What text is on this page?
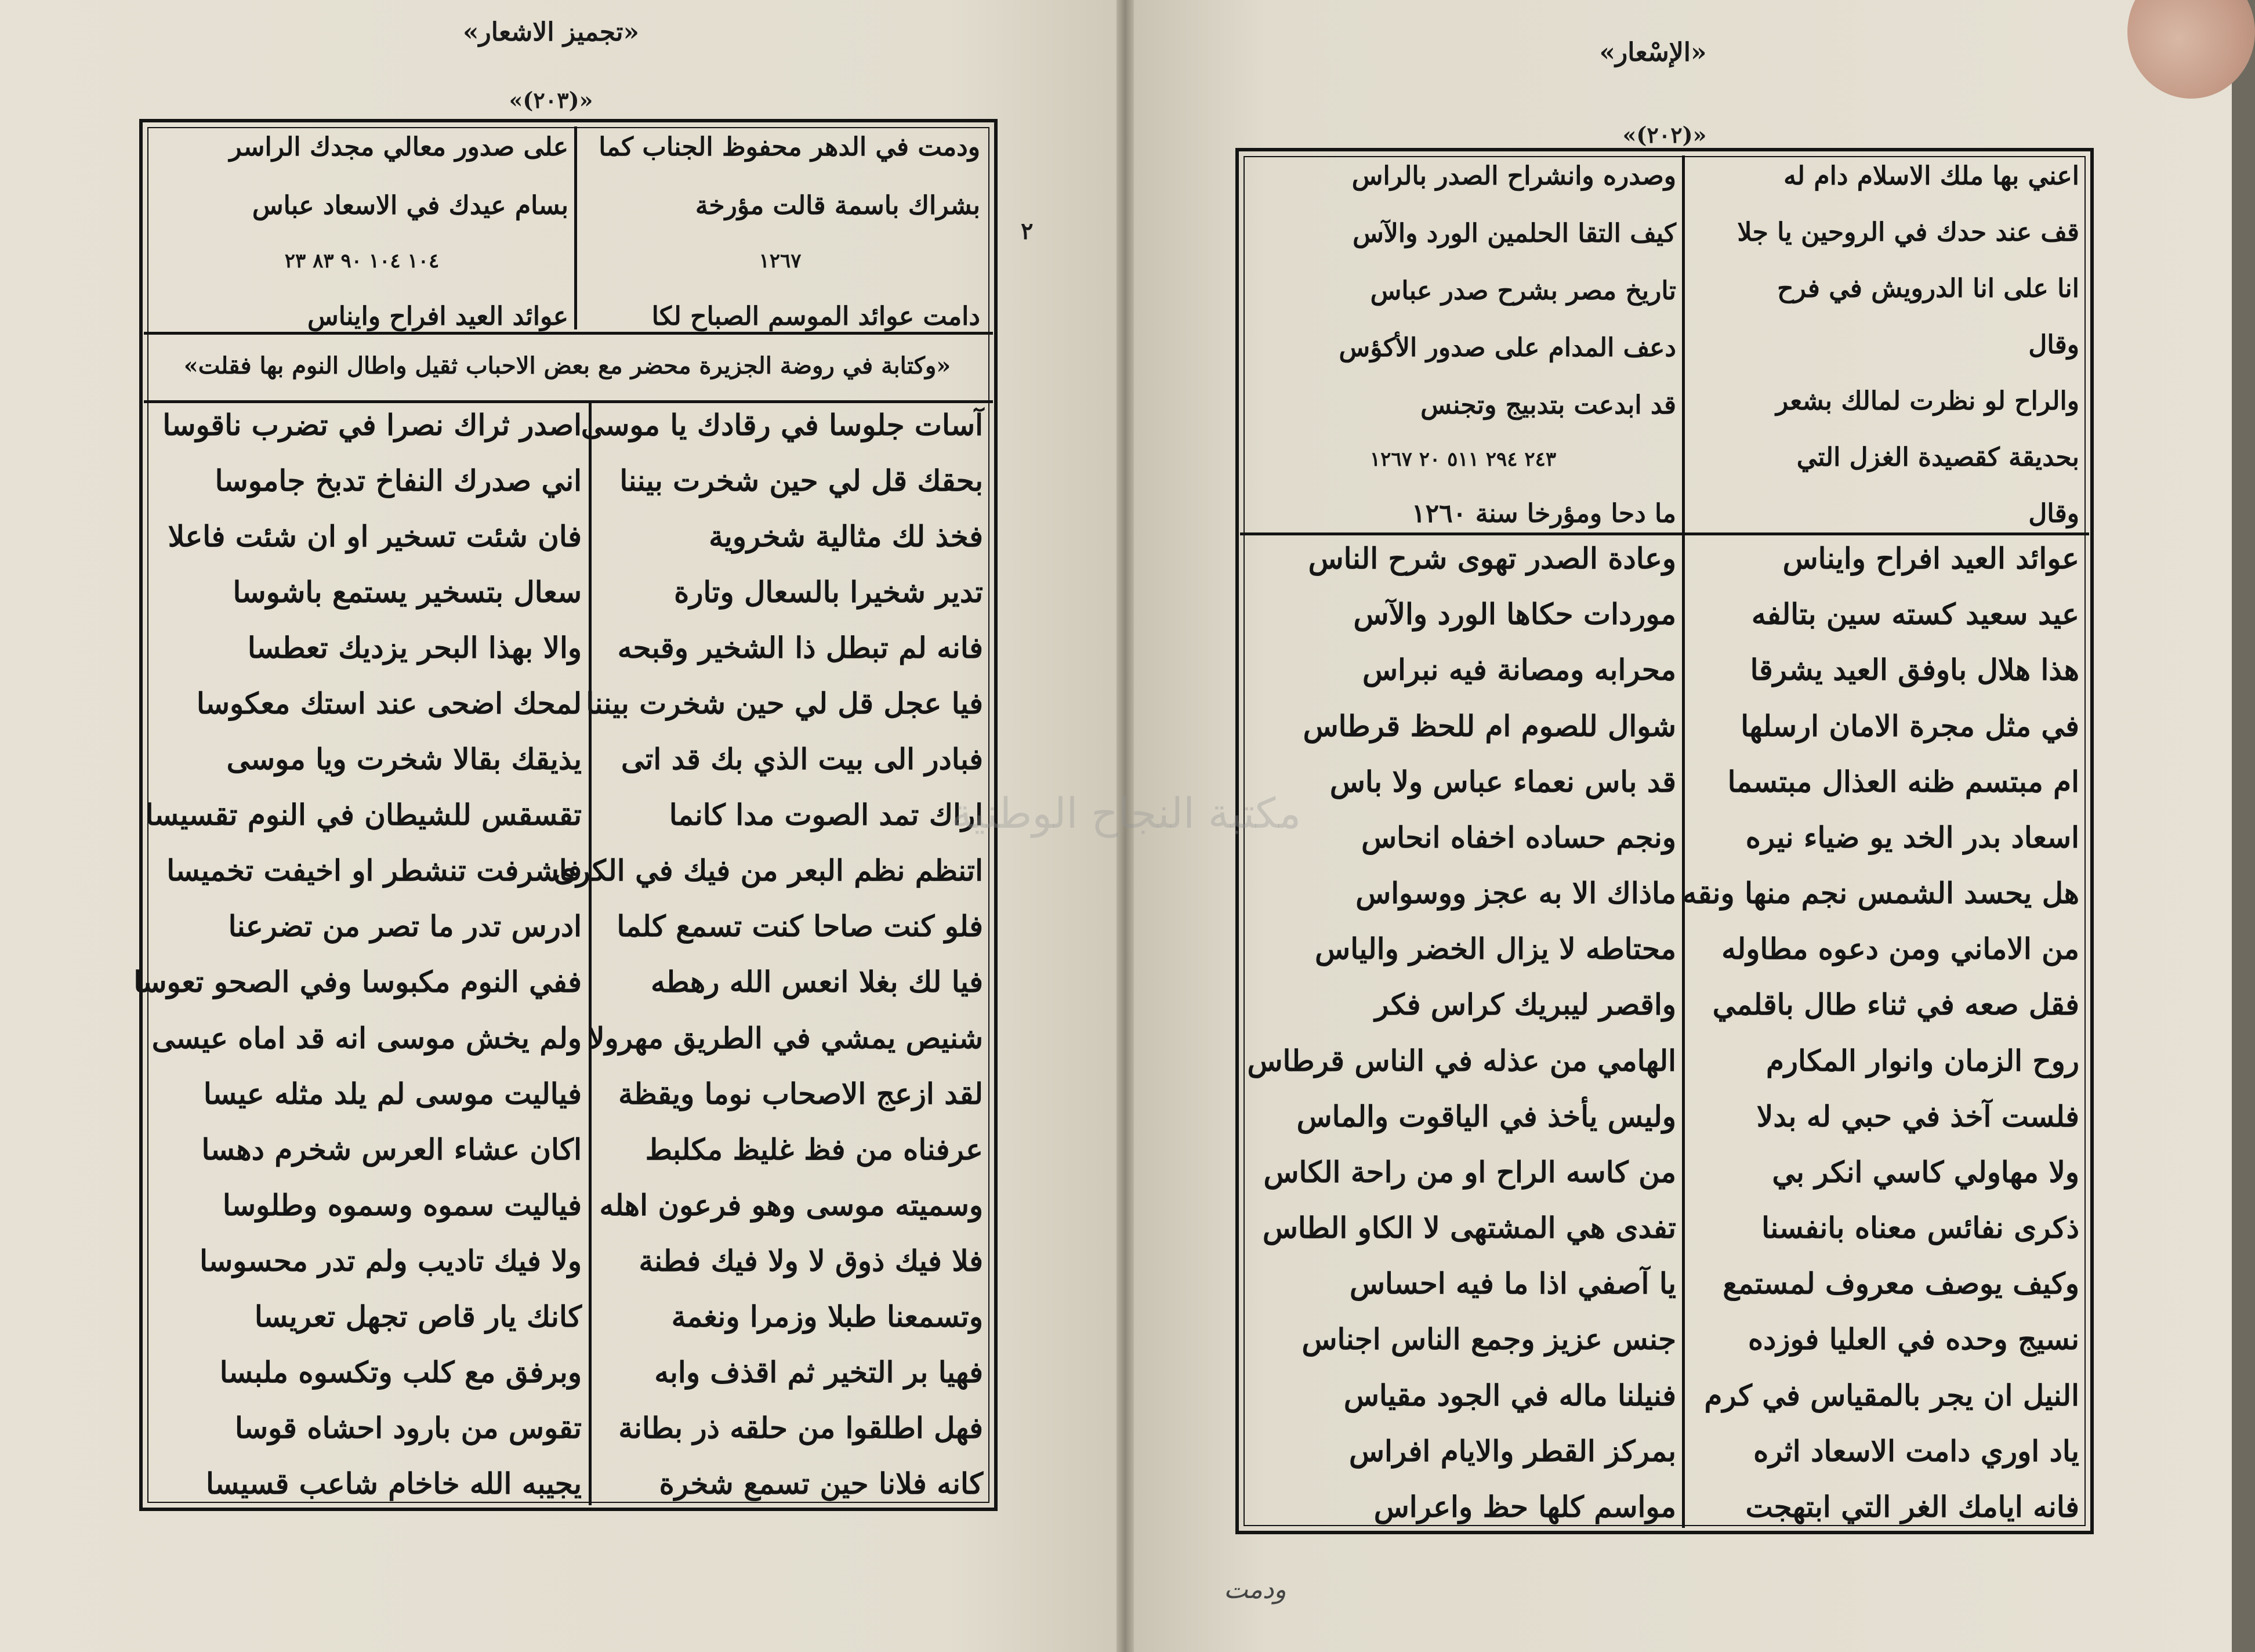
«تجميز الاشعار»
«(٢٠٣)»
٢
ودمت في الدهر محفوظ الجناب كما
بشراك باسمة قالت مؤرخة
١٢٦٧
دامت عوائد الموسم الصباح لكا
على صدور معالي مجدك الراسر
بسام عيدك في الاسعاد عباس
١٠٤ ١٠٤ ٩٠ ٨٣ ٢٣
عوائد العيد افراح وايناس
«وكتابة في روضة الجزيرة محضر مع بعض الاحباب ثقيل واطال النوم بها فقلت»
آسات جلوسا في رقادك يا موسى
بحقك قل لي حين شخرت بيننا
فخذ لك مثالية شخروية
تدير شخيرا بالسعال وتارة
فانه لم تبطل ذا الشخير وقبحه
فيا عجل قل لي حين شخرت بيننا
فبادر الى بيت الذي بك قد اتى
اراك تمد الصوت مدا كانما
اتنظم نظم البعر من فيك في الكرى
فلو كنت صاحا كنت تسمع كلما
فيا لك بغلا انعس الله رهطه
شنيص يمشي في الطريق مهرولا
لقد ازعج الاصحاب نوما ويقظة
عرفناه من فظ غليظ مكلبط
وسميته موسى وهو فرعون اهله
فلا فيك ذوق لا ولا فيك فطنة
وتسمعنا طبلا وزمرا ونغمة
فهيا بر التخير ثم اقذف وابه
فهل اطلقوا من حلقه ذر بطانة
كانه فلانا حين تسمع شخرة
اصدر ثراك نصرا في تضرب ناقوسا
اني صدرك النفاخ تدبخ جاموسا
فان شئت تسخير او ان شئت فاعلا
سعال بتسخير يستمع باشوسا
والا بهذا البحر يزديك تعطسا
لمحك اضحى عند استك معكوسا
يذيقك بقالا شخرت ويا موسى
تقسقس للشيطان في النوم تقسيسا
فاشرفت تنشطر او اخيفت تخميسا
ادرس تدر ما تصر من تضرعنا
ففي النوم مكبوسا وفي الصحو تعوسا
ولم يخش موسى انه قد اماه عيسى
فياليت موسى لم يلد مثله عيسا
اكان عشاء العرس شخرم دهسا
فياليت سموه وسموه وطلوسا
ولا فيك تاديب ولم تدر محسوسا
كانك يار قاص تجهل تعريسا
وبرفق مع كلب وتكسوه ملبسا
تقوس من بارود احشاه قوسا
يجيبه الله خاخام شاعب قسيسا
«الإسْعار»
«(٢٠٢)»
اعني بها ملك الاسلام دام له
قف عند حدك في الروحين يا جلا
انا على انا الدرويش في فرح
وقال
والراح لو نظرت لمالك بشعر
بحديقة كقصيدة الغزل التي
وقال
وصدره وانشراح الصدر بالراس
كيف التقا الحلمين الورد والآس
تاريخ مصر بشرح صدر عباس
دعف المدام على صدور الأكؤس
قد ابدعت بتدبيج وتجنس
٢٤٣ ٢٩٤ ٥١١ ٢٠ ١٢٦٧
ما دحا ومؤرخا سنة ١٢٦٠
عوائد العيد افراح وايناس
عيد سعيد كسته سين بتالفه
هذا هلال باوفق العيد يشرقا
في مثل مجرة الامان ارسلها
ام مبتسم ظنه العذال مبتسما
اسعاد بدر الخد يو ضياء نيره
هل يحسد الشمس نجم منها ونقه
من الاماني ومن دعوه مطاوله
فقل صعه في ثناء طال باقلمي
روح الزمان وانوار المكارم
فلست آخذ في حبي له بدلا
ولا مهاولي كاسي انكر بي
ذكرى نفائس معناه بانفسنا
وكيف يوصف معروف لمستمع
نسيج وحده في العليا فوزده
النيل ان يجر بالمقياس في كرم
ياد اوري دامت الاسعاد اثره
فانه ايامك الغر التي ابتهجت
وعادة الصدر تهوى شرح الناس
موردات حكاها الورد والآس
محرابه ومصانة فيه نبراس
شوال للصوم ام للحظ قرطاس
قد باس نعماء عباس ولا باس
ونجم حساده اخفاه انحاس
ماذاك الا به عجز ووسواس
محتاطه لا يزال الخضر والياس
واقصر ليبريك كراس فكر
الهامي من عذله في الناس قرطاس
وليس يأخذ في الياقوت والماس
من كاسه الراح او من راحة الكاس
تفدى هي المشتهى لا الكاو الطاس
يا آصفي اذا ما فيه احساس
جنس عزيز وجمع الناس اجناس
فنيلنا ماله في الجود مقياس
بمركز القطر والايام افراس
مواسم كلها حظ واعراس
ودمت
مكتبة النجاح الوطنية
